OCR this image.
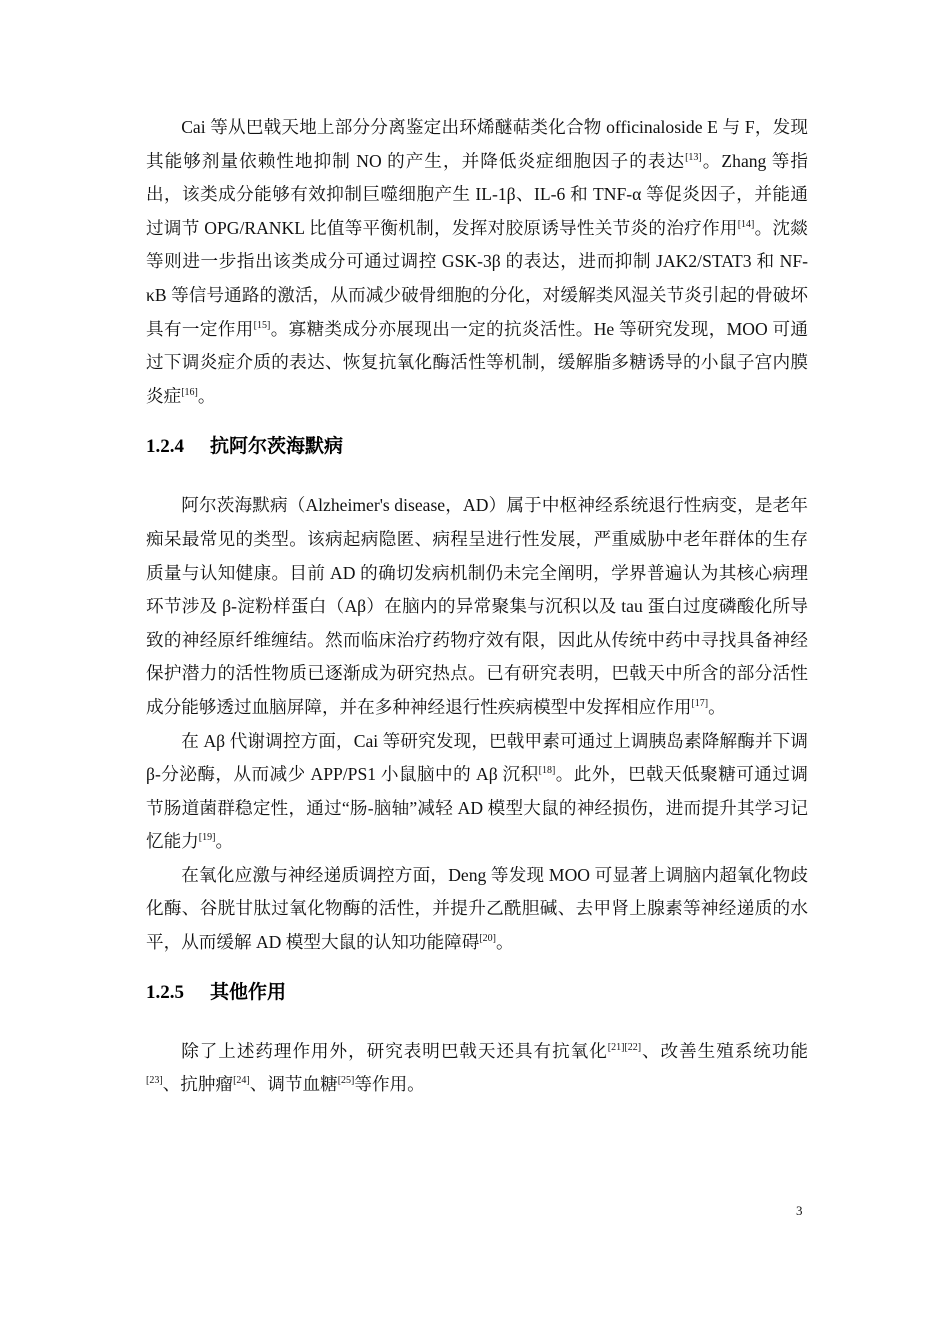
Cai 等从巴戟天地上部分分离鉴定出环烯醚萜类化合物 officinaloside E 与 F，发现其能够剂量依赖性地抑制 NO 的产生，并降低炎症细胞因子的表达[13]。Zhang 等指出，该类成分能够有效抑制巨噬细胞产生 IL-1β、IL-6 和 TNF-α 等促炎因子，并能通过调节 OPG/RANKL 比值等平衡机制，发挥对胶原诱导性关节炎的治疗作用[14]。沈燚等则进一步指出该类成分可通过调控 GSK-3β 的表达，进而抑制 JAK2/STAT3 和 NF-κB 等信号通路的激活，从而减少破骨细胞的分化，对缓解类风湿关节炎引起的骨破坏具有一定作用[15]。寡糖类成分亦展现出一定的抗炎活性。He 等研究发现，MOO 可通过下调炎症介质的表达、恢复抗氧化酶活性等机制，缓解脂多糖诱导的小鼠子宫内膜炎症[16]。

1.2.4 抗阿尔茨海默病

阿尔茨海默病（Alzheimer's disease，AD）属于中枢神经系统退行性病变，是老年痴呆最常见的类型。该病起病隐匿、病程呈进行性发展，严重威胁中老年群体的生存质量与认知健康。目前 AD 的确切发病机制仍未完全阐明，学界普遍认为其核心病理环节涉及 β-淀粉样蛋白（Aβ）在脑内的异常聚集与沉积以及 tau 蛋白过度磷酸化所导致的神经原纤维缠结。然而临床治疗药物疗效有限，因此从传统中药中寻找具备神经保护潜力的活性物质已逐渐成为研究热点。已有研究表明，巴戟天中所含的部分活性成分能够透过血脑屏障，并在多种神经退行性疾病模型中发挥相应作用[17]。

在 Aβ 代谢调控方面，Cai 等研究发现，巴戟甲素可通过上调胰岛素降解酶并下调 β-分泌酶，从而减少 APP/PS1 小鼠脑中的 Aβ 沉积[18]。此外，巴戟天低聚糖可通过调节肠道菌群稳定性，通过“肠-脑轴”减轻 AD 模型大鼠的神经损伤，进而提升其学习记忆能力[19]。

在氧化应激与神经递质调控方面，Deng 等发现 MOO 可显著上调脑内超氧化物歧化酶、谷胱甘肽过氧化物酶的活性，并提升乙酰胆碱、去甲肾上腺素等神经递质的水平，从而缓解 AD 模型大鼠的认知功能障碍[20]。

1.2.5 其他作用

除了上述药理作用外，研究表明巴戟天还具有抗氧化[21][22]、改善生殖系统功能[23]、抗肿瘤[24]、调节血糖[25]等作用。

3
